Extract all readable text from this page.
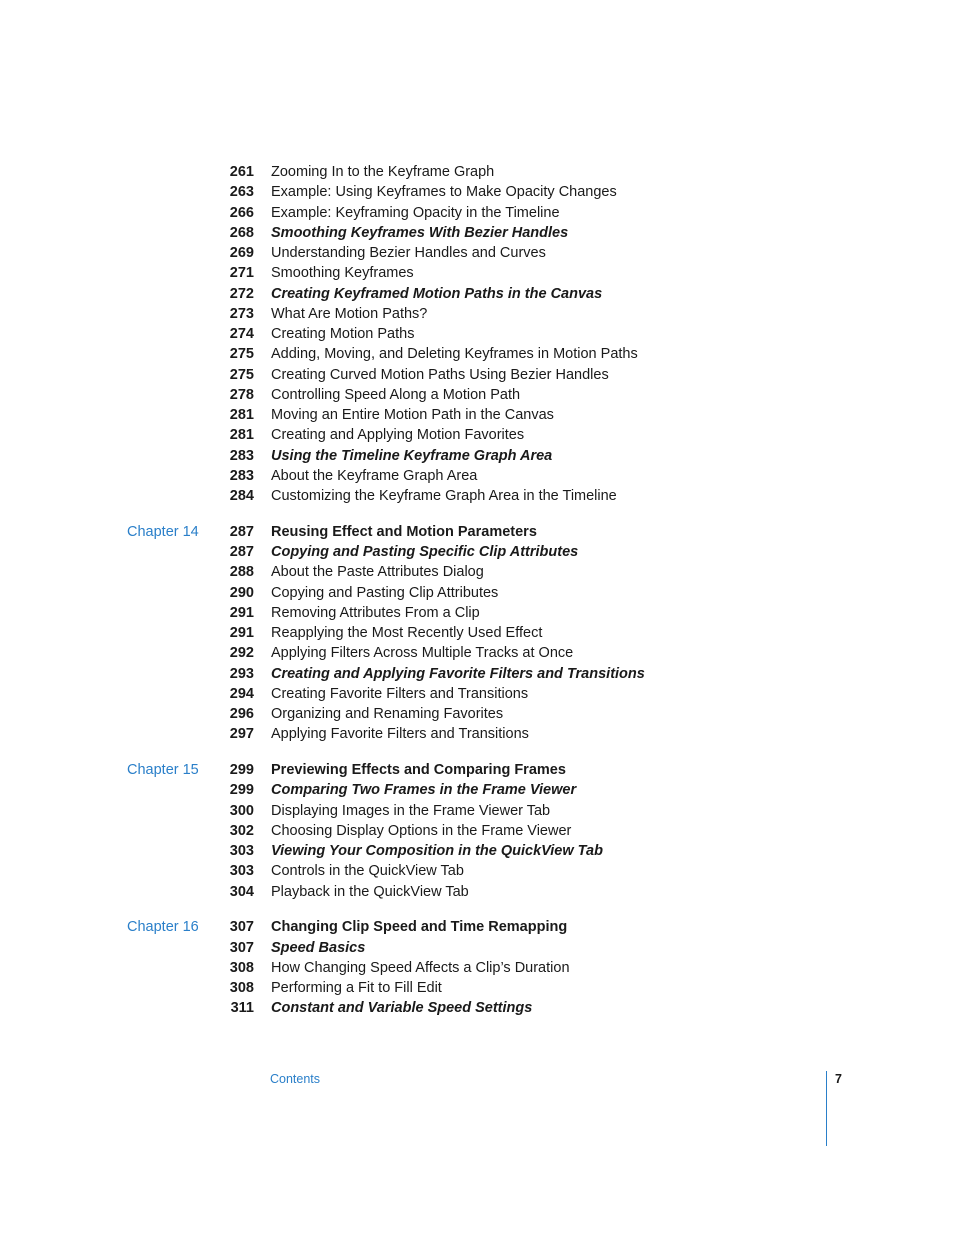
261 Zooming In to the Keyframe Graph
263 Example: Using Keyframes to Make Opacity Changes
266 Example: Keyframing Opacity in the Timeline
268 Smoothing Keyframes With Bezier Handles
269 Understanding Bezier Handles and Curves
271 Smoothing Keyframes
272 Creating Keyframed Motion Paths in the Canvas
273 What Are Motion Paths?
274 Creating Motion Paths
275 Adding, Moving, and Deleting Keyframes in Motion Paths
275 Creating Curved Motion Paths Using Bezier Handles
278 Controlling Speed Along a Motion Path
281 Moving an Entire Motion Path in the Canvas
281 Creating and Applying Motion Favorites
283 Using the Timeline Keyframe Graph Area
283 About the Keyframe Graph Area
284 Customizing the Keyframe Graph Area in the Timeline
Chapter 14	287 Reusing Effect and Motion Parameters
287 Copying and Pasting Specific Clip Attributes
288 About the Paste Attributes Dialog
290 Copying and Pasting Clip Attributes
291 Removing Attributes From a Clip
291 Reapplying the Most Recently Used Effect
292 Applying Filters Across Multiple Tracks at Once
293 Creating and Applying Favorite Filters and Transitions
294 Creating Favorite Filters and Transitions
296 Organizing and Renaming Favorites
297 Applying Favorite Filters and Transitions
Chapter 15	299 Previewing Effects and Comparing Frames
299 Comparing Two Frames in the Frame Viewer
300 Displaying Images in the Frame Viewer Tab
302 Choosing Display Options in the Frame Viewer
303 Viewing Your Composition in the QuickView Tab
303 Controls in the QuickView Tab
304 Playback in the QuickView Tab
Chapter 16	307 Changing Clip Speed and Time Remapping
307 Speed Basics
308 How Changing Speed Affects a Clip’s Duration
308 Performing a Fit to Fill Edit
311 Constant and Variable Speed Settings
Contents	7
